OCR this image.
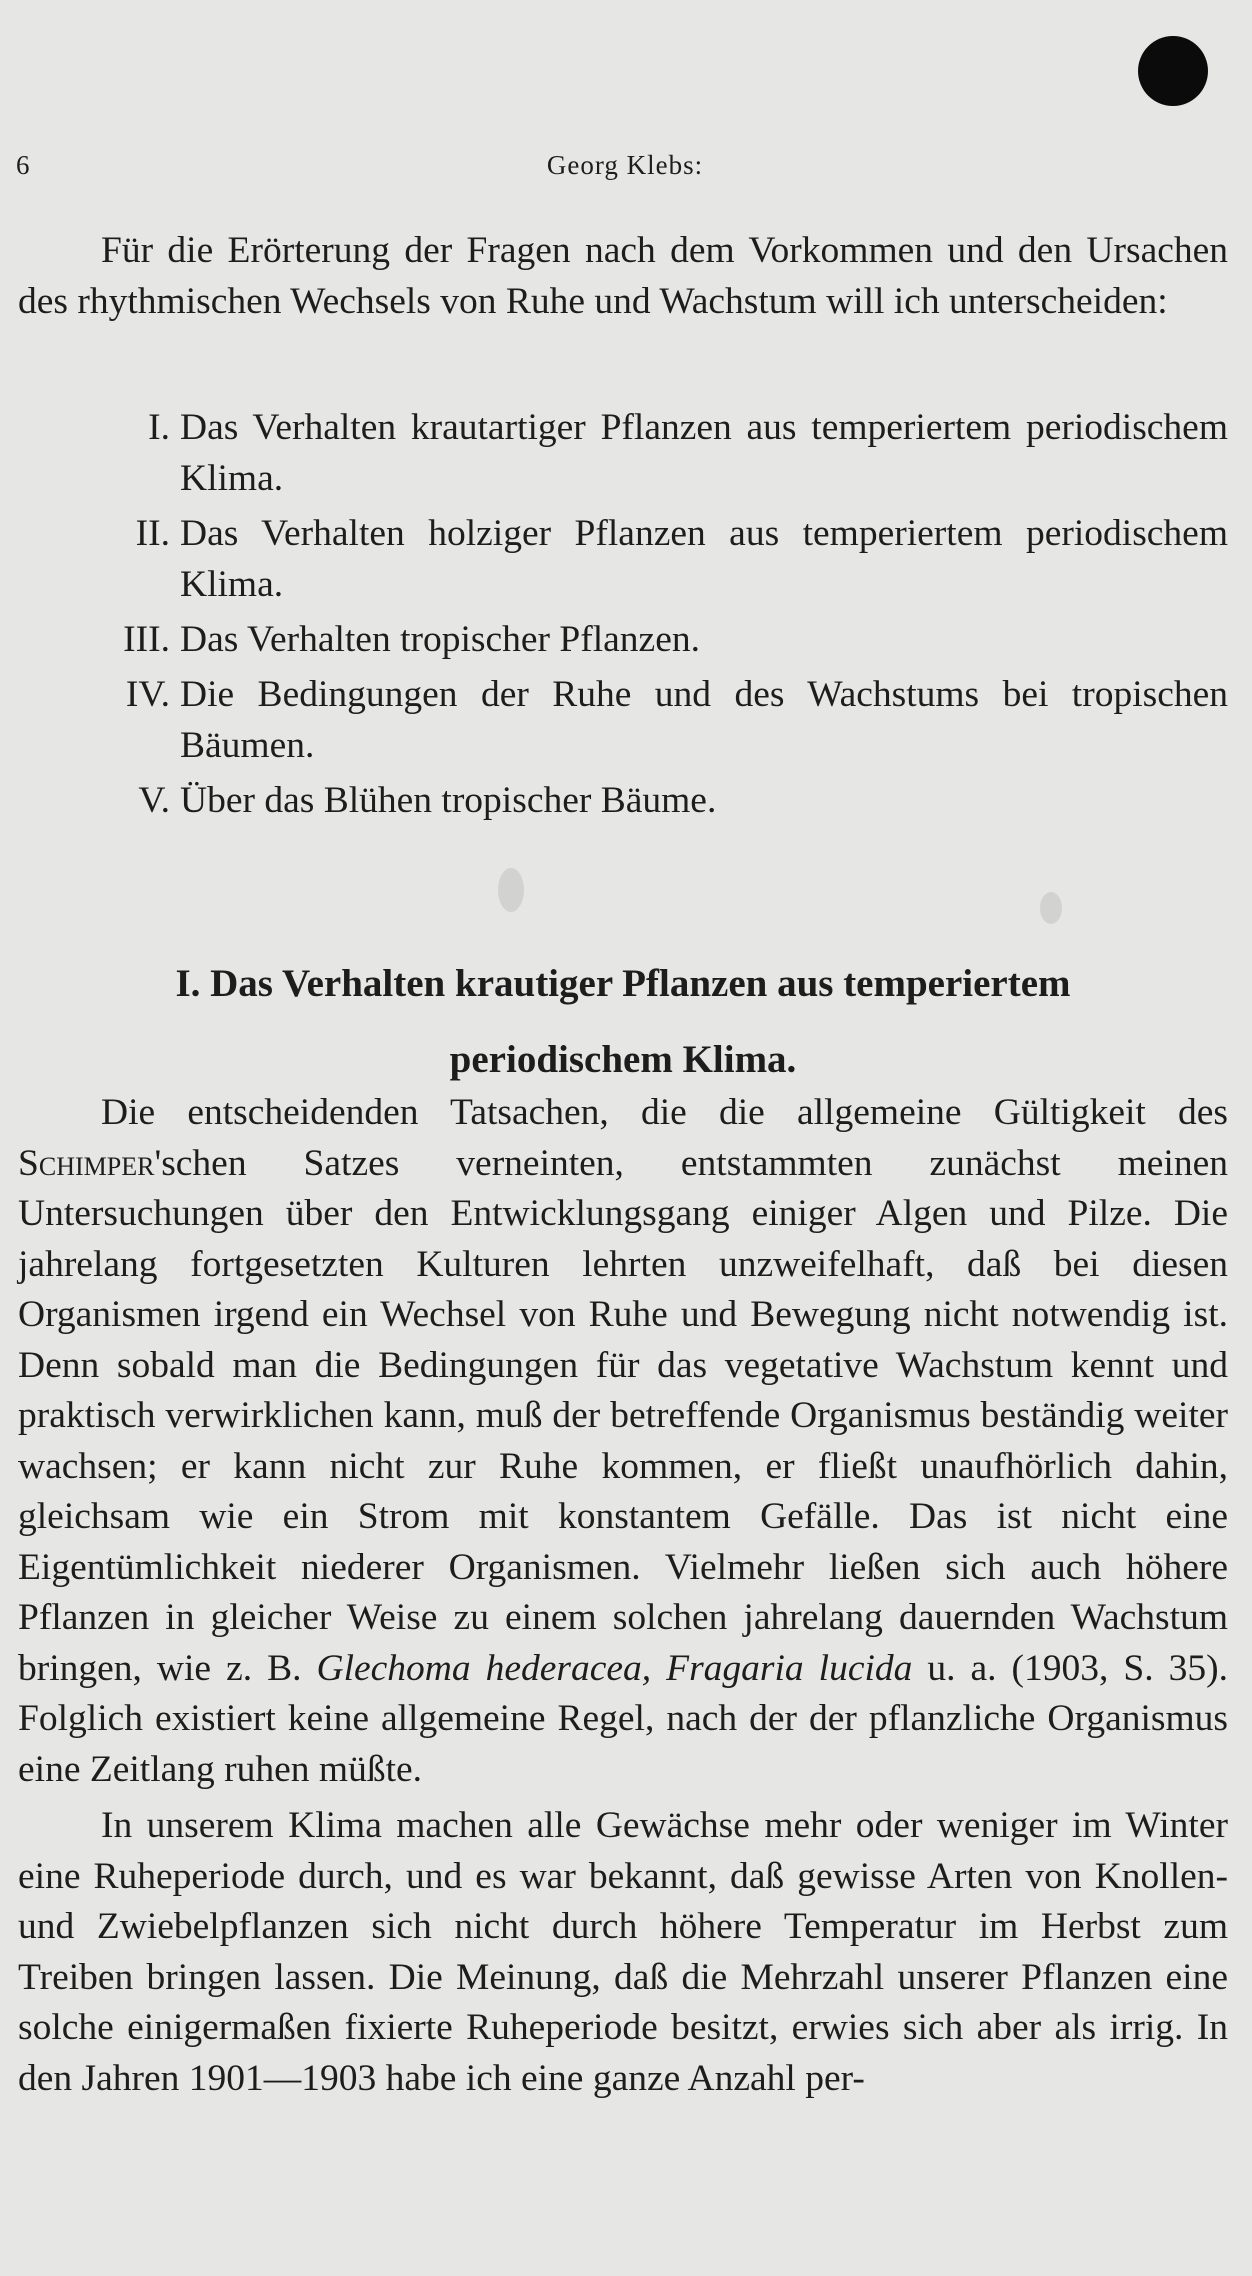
6	Georg Klebs:

Für die Erörterung der Fragen nach dem Vorkommen und den Ursachen des rhythmischen Wechsels von Ruhe und Wachstum will ich unterscheiden:

I. Das Verhalten krautartiger Pflanzen aus temperiertem periodischem Klima.
II. Das Verhalten holziger Pflanzen aus temperiertem periodischem Klima.
III. Das Verhalten tropischer Pflanzen.
IV. Die Bedingungen der Ruhe und des Wachstums bei tropischen Bäumen.
V. Über das Blühen tropischer Bäume.
I. Das Verhalten krautiger Pflanzen aus temperiertem
periodischem Klima.

Die entscheidenden Tatsachen, die die allgemeine Gültigkeit des Schimper'schen Satzes verneinten, entstammten zunächst meinen Untersuchungen über den Entwicklungsgang einiger Algen und Pilze. Die jahrelang fortgesetzten Kulturen lehrten unzweifelhaft, daß bei diesen Organismen irgend ein Wechsel von Ruhe und Bewegung nicht notwendig ist. Denn sobald man die Bedingungen für das vegetative Wachstum kennt und praktisch verwirklichen kann, muß der betreffende Organismus beständig weiter wachsen; er kann nicht zur Ruhe kommen, er fließt unaufhörlich dahin, gleichsam wie ein Strom mit konstantem Gefälle. Das ist nicht eine Eigentümlichkeit niederer Organismen. Vielmehr ließen sich auch höhere Pflanzen in gleicher Weise zu einem solchen jahrelang dauernden Wachstum bringen, wie z. B. Glechoma hederacea, Fragaria lucida u. a. (1903, S. 35). Folglich existiert keine allgemeine Regel, nach der der pflanzliche Organismus eine Zeitlang ruhen müßte.

In unserem Klima machen alle Gewächse mehr oder weniger im Winter eine Ruheperiode durch, und es war bekannt, daß gewisse Arten von Knollen- und Zwiebelpflanzen sich nicht durch höhere Temperatur im Herbst zum Treiben bringen lassen. Die Meinung, daß die Mehrzahl unserer Pflanzen eine solche einigermaßen fixierte Ruheperiode besitzt, erwies sich aber als irrig. In den Jahren 1901—1903 habe ich eine ganze Anzahl per-
